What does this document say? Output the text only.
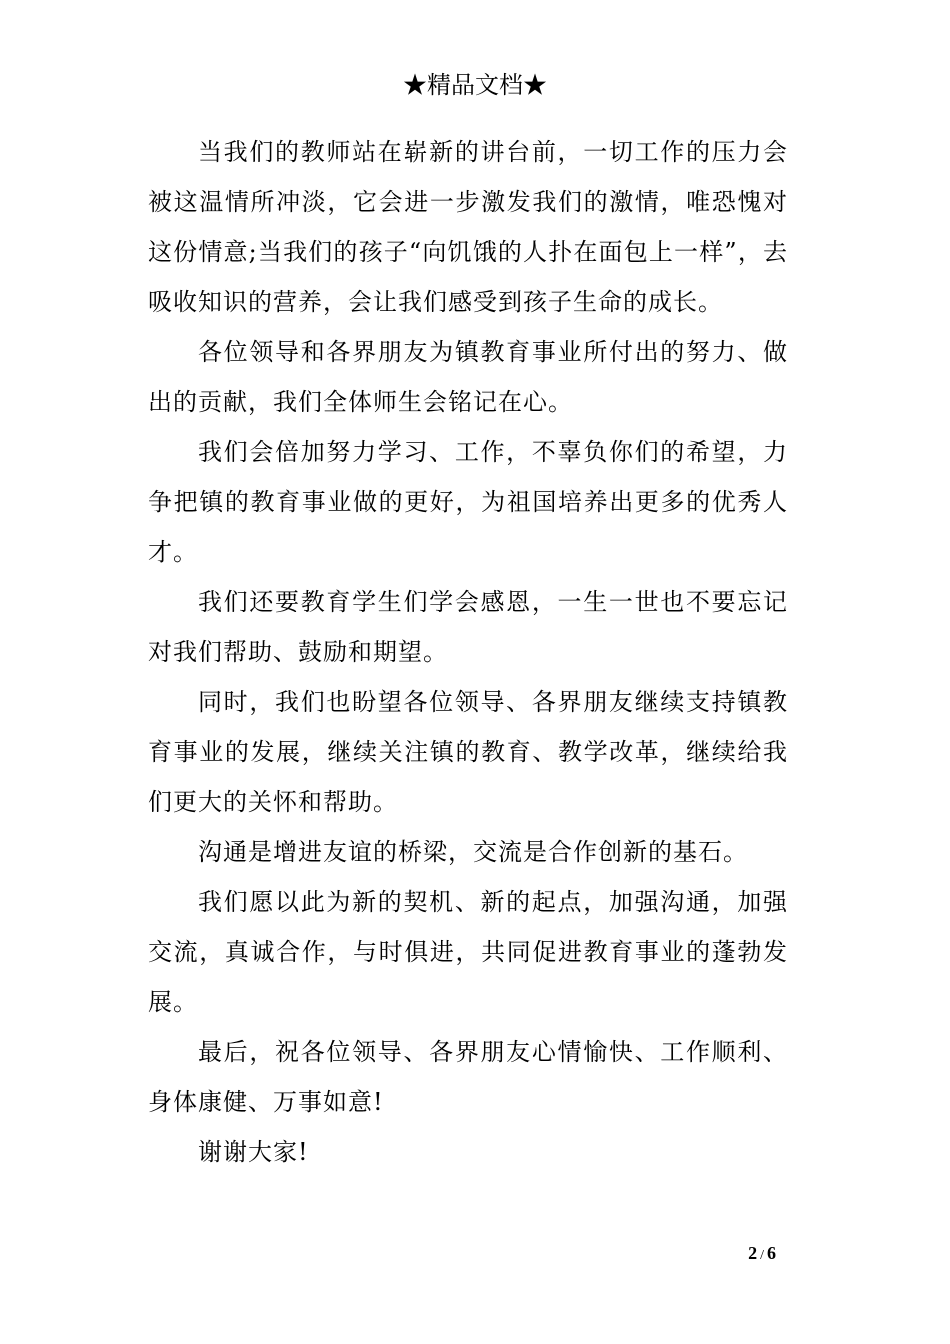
★精品文档★

当我们的教师站在崭新的讲台前，一切工作的压力会被这温情所冲淡，它会进一步激发我们的激情，唯恐愧对这份情意;当我们的孩子“向饥饿的人扑在面包上一样”，去吸收知识的营养，会让我们感受到孩子生命的成长。

各位领导和各界朋友为镇教育事业所付出的努力、做出的贡献，我们全体师生会铭记在心。

我们会倍加努力学习、工作，不辜负你们的希望，力争把镇的教育事业做的更好，为祖国培养出更多的优秀人才。

我们还要教育学生们学会感恩，一生一世也不要忘记对我们帮助、鼓励和期望。

同时，我们也盼望各位领导、各界朋友继续支持镇教育事业的发展，继续关注镇的教育、教学改革，继续给我们更大的关怀和帮助。

沟通是增进友谊的桥梁，交流是合作创新的基石。

我们愿以此为新的契机、新的起点，加强沟通，加强交流，真诚合作，与时俱进，共同促进教育事业的蓬勃发展。

最后，祝各位领导、各界朋友心情愉快、工作顺利、身体康健、万事如意!

谢谢大家!

2 / 6
